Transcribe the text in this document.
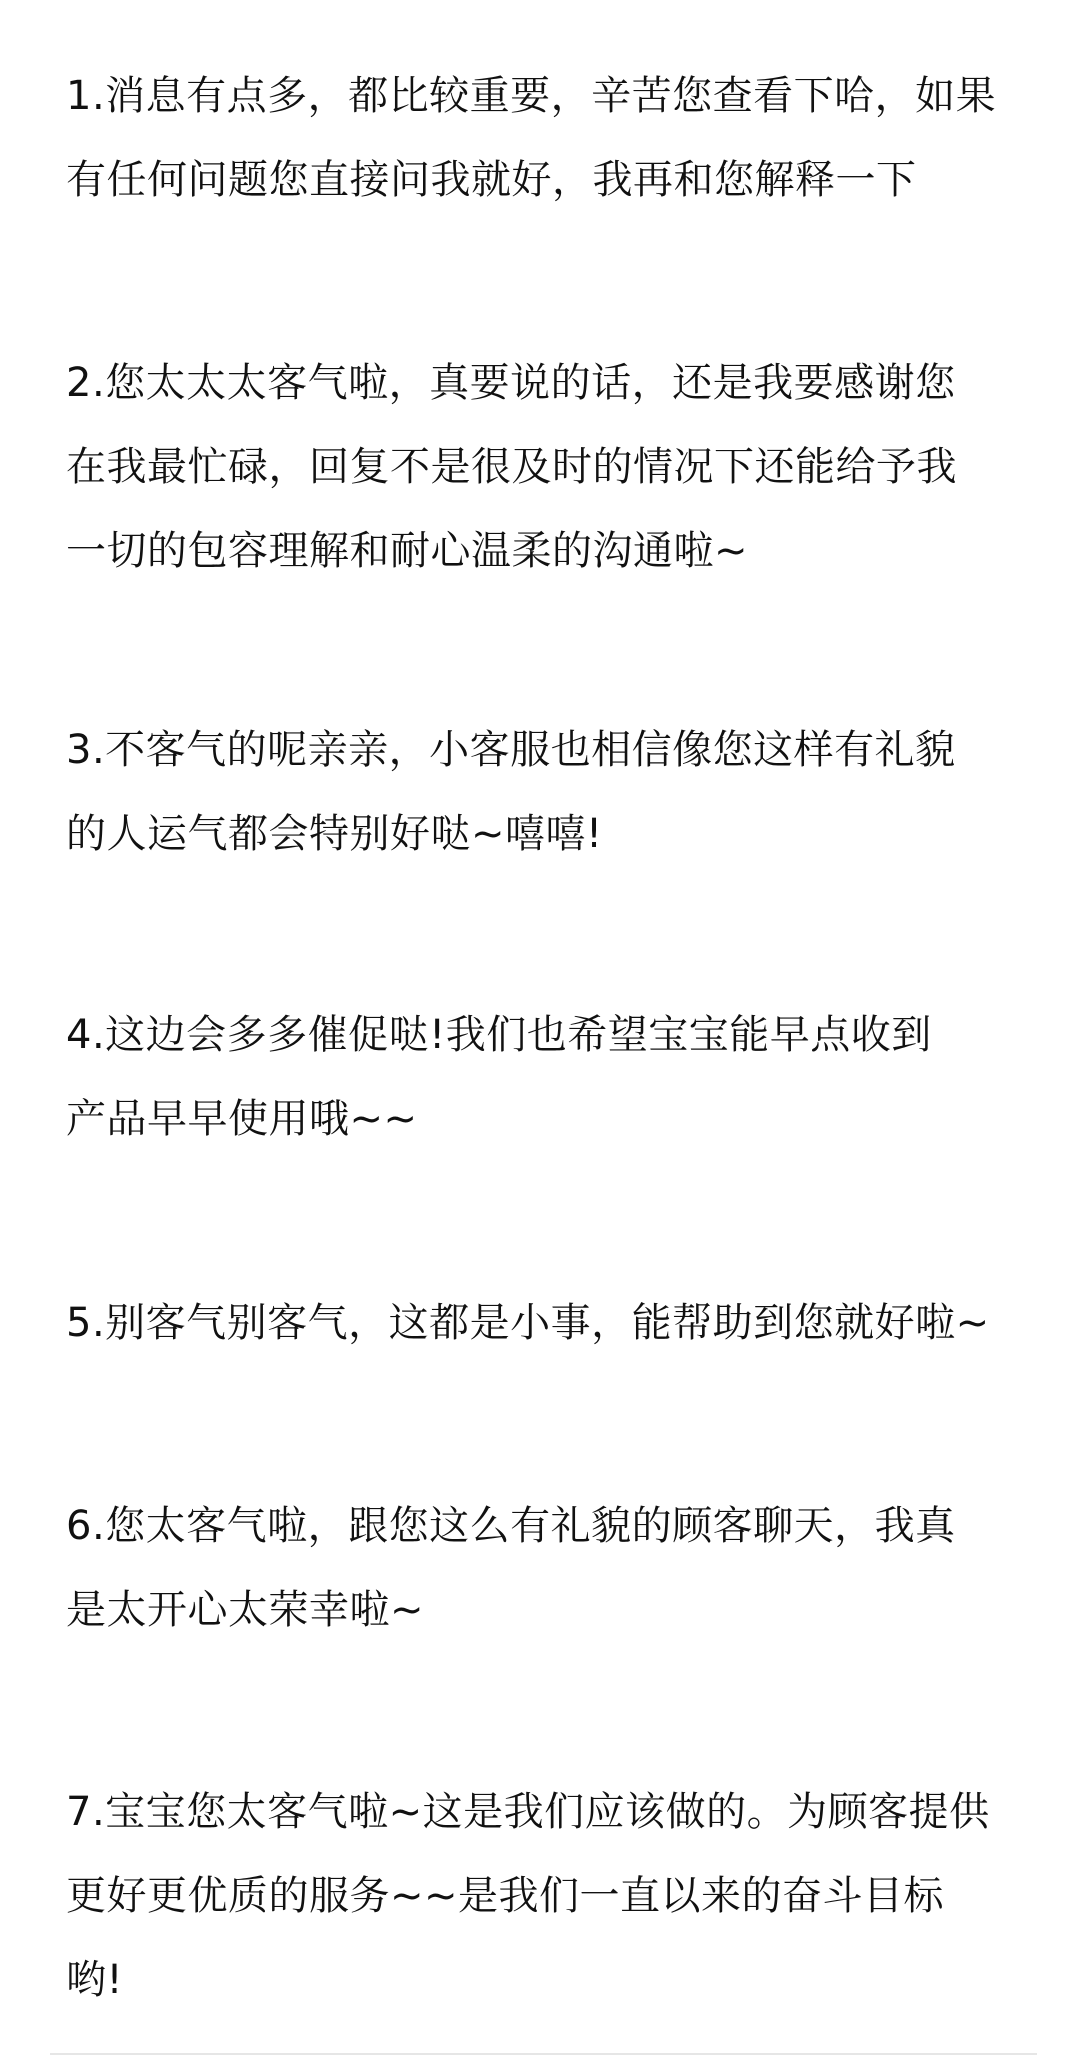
1.消息有点多，都比较重要，辛苦您查看下哈，如果
有任何问题您直接问我就好，我再和您解释一下
2.您太太太客气啦，真要说的话，还是我要感谢您
在我最忙碌，回复不是很及时的情况下还能给予我
一切的包容理解和耐心温柔的沟通啦~
3.不客气的呢亲亲，小客服也相信像您这样有礼貌
的人运气都会特别好哒~嘻嘻!
4.这边会多多催促哒!我们也希望宝宝能早点收到
产品早早使用哦~~
5.别客气别客气，这都是小事，能帮助到您就好啦~
6.您太客气啦，跟您这么有礼貌的顾客聊天，我真
是太开心太荣幸啦~
7.宝宝您太客气啦~这是我们应该做的。为顾客提供
更好更优质的服务~~是我们一直以来的奋斗目标
哟!
